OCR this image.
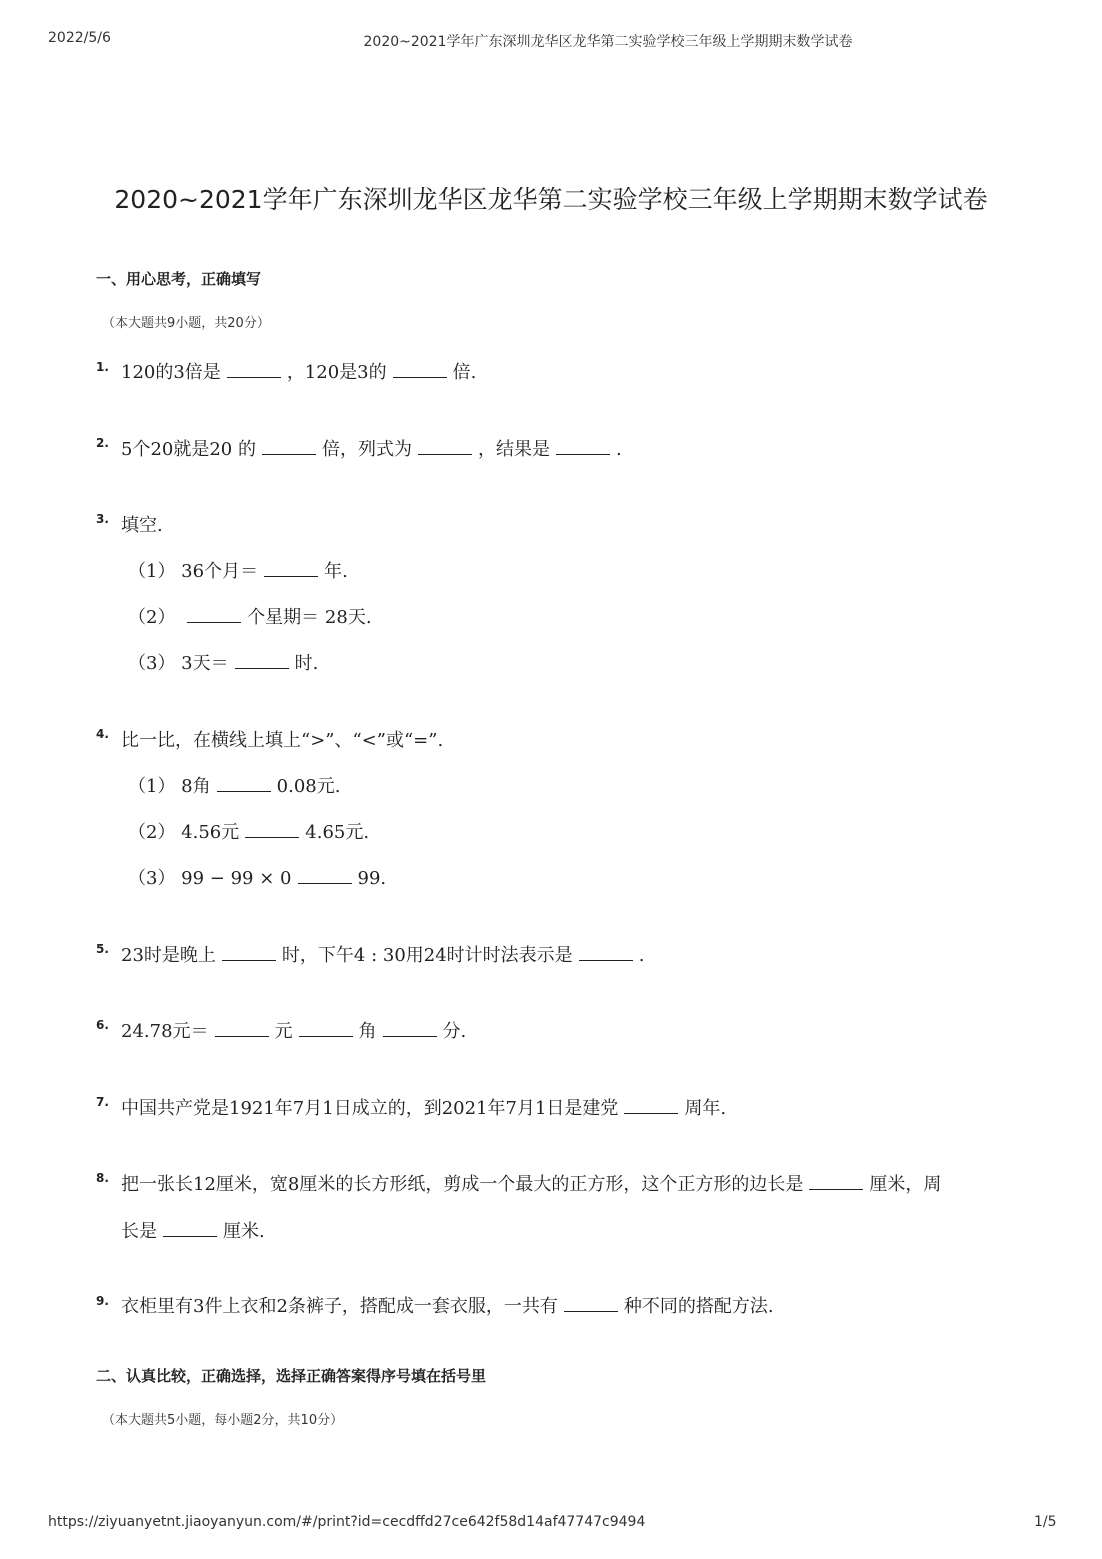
2022/5/6	2020~2021学年广东深圳龙华区龙华第二实验学校三年级上学期期末数学试卷
2020~2021学年广东深圳龙华区龙华第二实验学校三年级上学期期末数学试卷
一、用心思考，正确填写
（本大题共9小题，共20分）
1. 120的3倍是	，120是3的	倍.
2. 5个20就是20 的	倍，列式为	，结果是	.
3. 填空.
（1） 36个月＝	年.
（2）	个星期＝ 28天.
（3） 3天＝	时.
4. 比一比，在横线上填上“>”、“<”或“=”.
（1） 8角	0.08元.
（2） 4.56元	4.65元.
（3） 99 − 99 × 0	99.
5. 23时是晚上	时，下午4 : 30用24时计时法表示是	.
6. 24.78元＝	元	角	分.
7. 中国共产党是1921年7月1日成立的，到2021年7月1日是建党	周年.
8. 把一张长12厘米，宽8厘米的长方形纸，剪成一个最大的正方形，这个正方形的边长是	厘米，周
长是	厘米.
9. 衣柜里有3件上衣和2条裤子，搭配成一套衣服，一共有	种不同的搭配方法.
二、认真比较，正确选择，选择正确答案得序号填在括号里
（本大题共5小题，每小题2分，共10分）
https://ziyuanyetnt.jiaoyanyun.com/#/print?id=cecdffd27ce642f58d14af47747c9494	1/5
